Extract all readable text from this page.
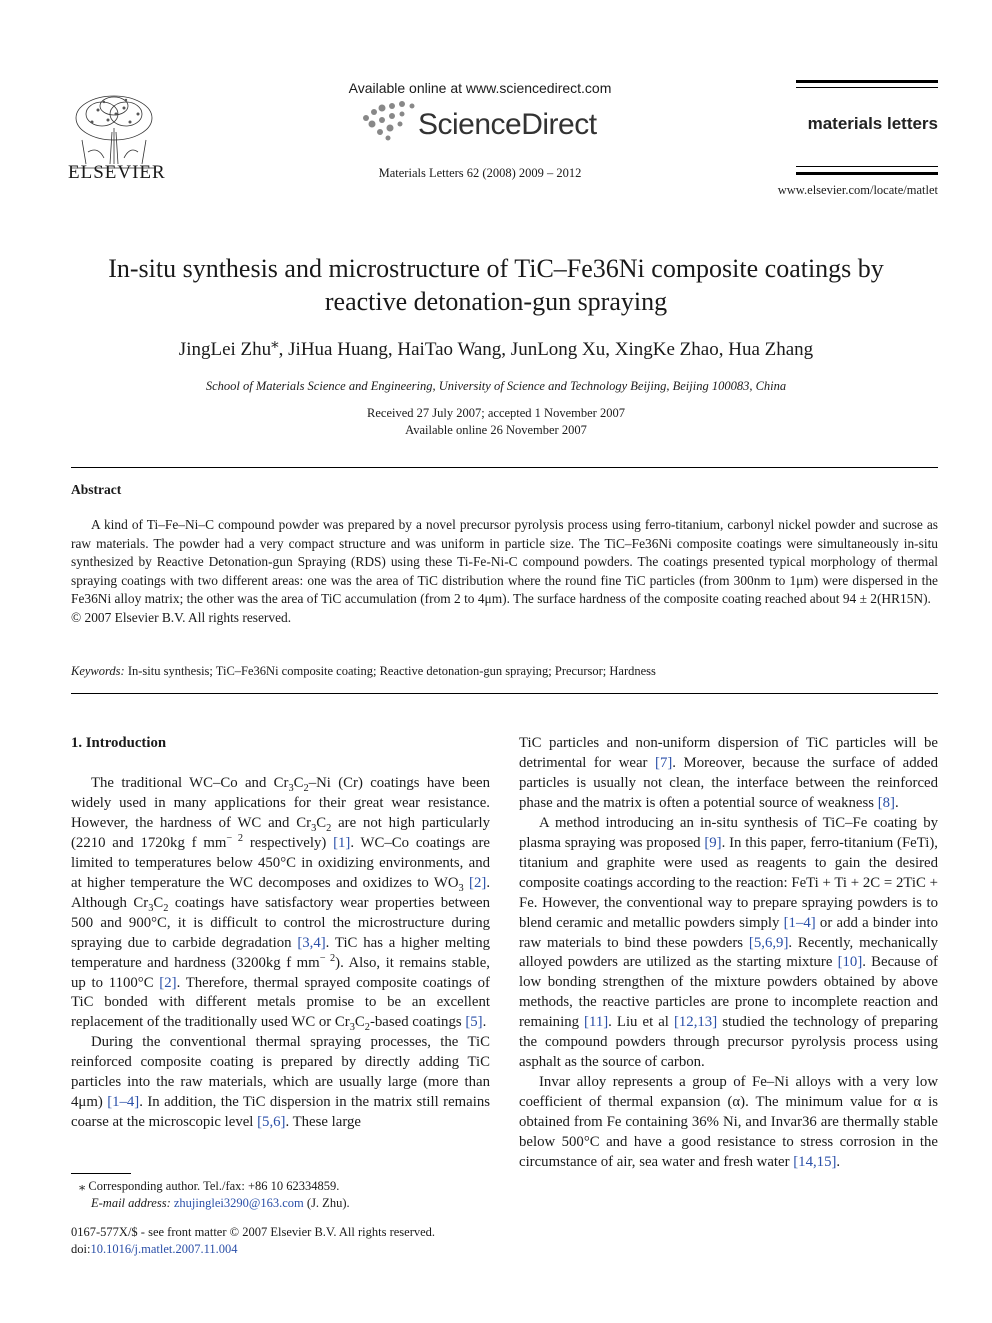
ELSEVIER
Available online at www.sciencedirect.com
ScienceDirect
Materials Letters 62 (2008) 2009 – 2012
materials letters
www.elsevier.com/locate/matlet
In-situ synthesis and microstructure of TiC–Fe36Ni composite coatings by reactive detonation-gun spraying
JingLei Zhu⁎, JiHua Huang, HaiTao Wang, JunLong Xu, XingKe Zhao, Hua Zhang
School of Materials Science and Engineering, University of Science and Technology Beijing, Beijing 100083, China
Received 27 July 2007; accepted 1 November 2007
Available online 26 November 2007
Abstract

A kind of Ti–Fe–Ni–C compound powder was prepared by a novel precursor pyrolysis process using ferro-titanium, carbonyl nickel powder and sucrose as raw materials. The powder had a very compact structure and was uniform in particle size. The TiC–Fe36Ni composite coatings were simultaneously in-situ synthesized by Reactive Detonation-gun Spraying (RDS) using these Ti-Fe-Ni-C compound powders. The coatings presented typical morphology of thermal spraying coatings with two different areas: one was the area of TiC distribution where the round fine TiC particles (from 300nm to 1μm) were dispersed in the Fe36Ni alloy matrix; the other was the area of TiC accumulation (from 2 to 4μm). The surface hardness of the composite coating reached about 94 ± 2(HR15N).

© 2007 Elsevier B.V. All rights reserved.

Keywords: In-situ synthesis; TiC–Fe36Ni composite coating; Reactive detonation-gun spraying; Precursor; Hardness
1. Introduction

The traditional WC–Co and $Cr_3C_2-Ni$ (Cr) coatings have been widely used in many applications for their great wear resistance. However, the hardness of WC and $Cr_3C_2$ are not high particularly (2210 and 1720kg f $mm^{- 2}$ respectively) [1]. WC–Co coatings are limited to temperatures below 450°C in oxidizing environments, and at higher temperature the WC decomposes and oxidizes to $WO_3$ [2]. Although $Cr_3C_2$ coatings have satisfactory wear properties between 500 and 900°C, it is difficult to control the microstructure during spraying due to carbide degradation [3,4]. TiC has a higher melting temperature and hardness (3200kg f $mm^{- 2}$). Also, it remains stable, up to 1100°C [2]. Therefore, thermal sprayed composite coatings of TiC bonded with different metals promise to be an excellent replacement of the traditionally used WC or $Cr_3C_2$-based coatings [5].

During the conventional thermal spraying processes, the TiC reinforced composite coating is prepared by directly adding TiC particles into the raw materials, which are usually large (more than 4μm) [1–4]. In addition, the TiC dispersion in the matrix still remains coarse at the microscopic level [5,6]. These large

TiC particles and non-uniform dispersion of TiC particles will be detrimental for wear [7]. Moreover, because the surface of added particles is usually not clean, the interface between the reinforced phase and the matrix is often a potential source of weakness [8].

A method introducing an in-situ synthesis of TiC–Fe coating by plasma spraying was proposed [9]. In this paper, ferro-titanium (FeTi), titanium and graphite were used as reagents to gain the desired composite coatings according to the reaction: FeTi + Ti + 2C = 2TiC + Fe. However, the conventional way to prepare spraying powders is to blend ceramic and metallic powders simply [1–4] or add a binder into raw materials to bind these powders [5,6,9]. Recently, mechanically alloyed powders are utilized as the starting mixture [10]. Because of low bonding strengthen of the mixture powders obtained by above methods, the reactive particles are prone to incomplete reaction and remaining [11]. Liu et al [12,13] studied the technology of preparing the compound powders through precursor pyrolysis process using asphalt as the source of carbon.

Invar alloy represents a group of Fe–Ni alloys with a very low coefficient of thermal expansion (α). The minimum value for α is obtained from Fe containing 36% Ni, and Invar36 are thermally stable below 500°C and have a good resistance to stress corrosion in the circumstance of air, sea water and fresh water [14,15].

⁎ Corresponding author. Tel./fax: +86 10 62334859.
E-mail address: zhujinglei3290@163.com (J. Zhu).
0167-577X/$ - see front matter © 2007 Elsevier B.V. All rights reserved.
doi:10.1016/j.matlet.2007.11.004
